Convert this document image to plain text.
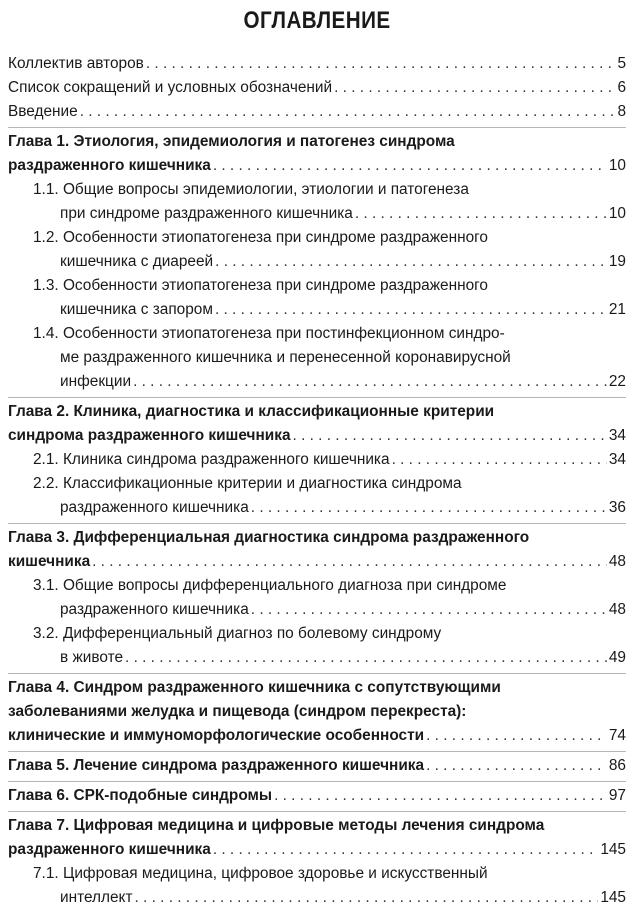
ОГЛАВЛЕНИЕ
Коллектив авторов . . .	5
Список сокращений и условных обозначений . . .	6
Введение . . .	8
Глава 1. Этиология, эпидемиология и патогенез синдрома
раздраженного кишечника . . .	10
1.1. Общие вопросы эпидемиологии, этиологии и патогенеза
при синдроме раздраженного кишечника . . .	10
1.2. Особенности этиопатогенеза при синдроме раздраженного
кишечника с диареей . . .	19
1.3. Особенности этиопатогенеза при синдроме раздраженного
кишечника с запором . . .	21
1.4. Особенности этиопатогенеза при постинфекционном синдро-
ме раздраженного кишечника и перенесенной коронавирусной
инфекции . . .	22
Глава 2. Клиника, диагностика и классификационные критерии
синдрома раздраженного кишечника . . .	34
2.1. Клиника синдрома раздраженного кишечника . . .	34
2.2. Классификационные критерии и диагностика синдрома
раздраженного кишечника . . .	36
Глава 3. Дифференциальная диагностика синдрома раздраженного
кишечника . . .	48
3.1. Общие вопросы дифференциального диагноза при синдроме
раздраженного кишечника . . .	48
3.2. Дифференциальный диагноз по болевому синдрому
в животе . . .	49
Глава 4. Синдром раздраженного кишечника с сопутствующими
заболеваниями желудка и пищевода (синдром перекреста):
клинические и иммуноморфологические особенности . . .	74
Глава 5. Лечение синдрома раздраженного кишечника . . .	86
Глава 6. СРК-подобные синдромы . . .	97
Глава 7. Цифровая медицина и цифровые методы лечения синдрома
раздраженного кишечника . . .	145
7.1. Цифровая медицина, цифровое здоровье и искусственный
интеллект . . .	145
